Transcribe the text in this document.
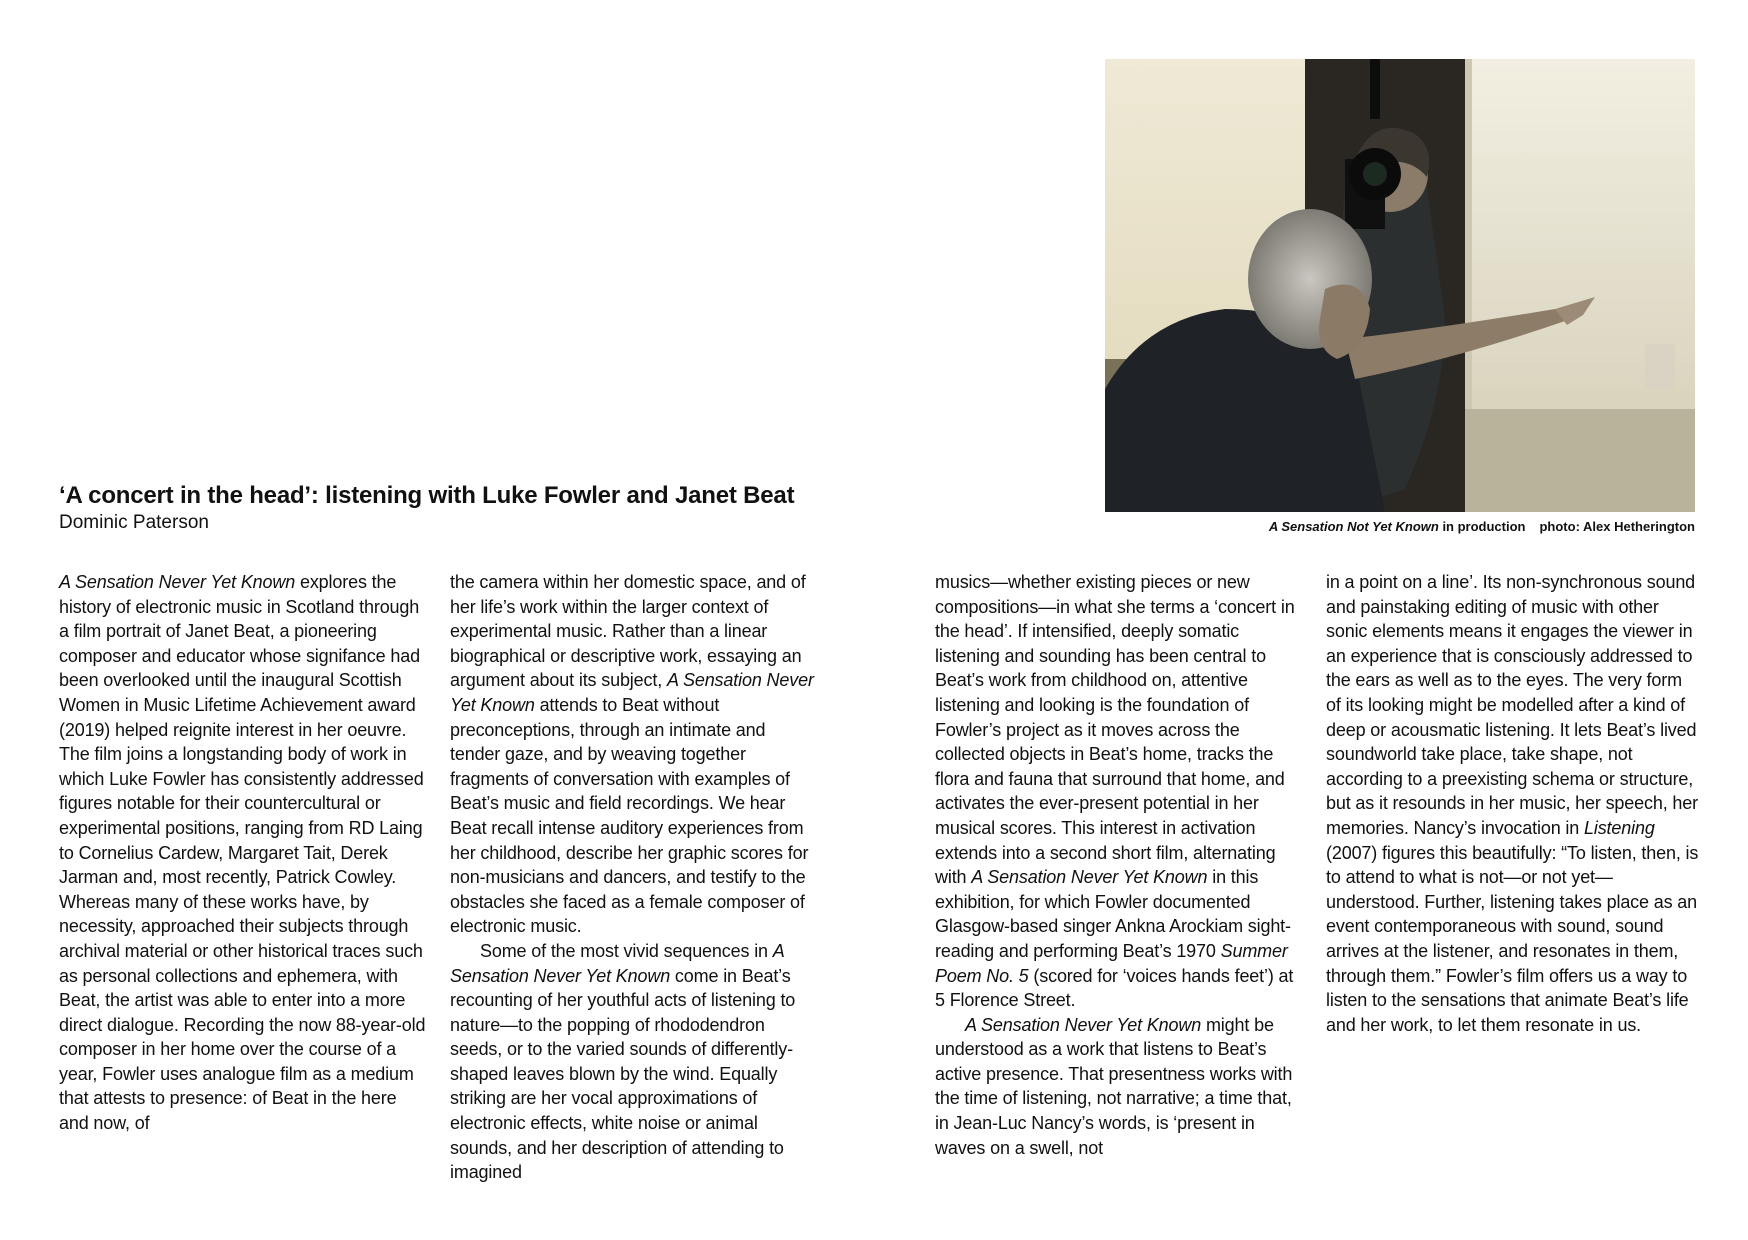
‘A concert in the head’: listening with Luke Fowler and Janet Beat
Dominic Paterson	A Sensation Not Yet Known in production photo: Alex Hetherington

A Sensation Never Yet Known explores the history of electronic music in Scotland through a film portrait of Janet Beat, a pioneering composer and educator whose signifance had been overlooked until the inaugural Scottish Women in Music Lifetime Achievement award (2019) helped reignite interest in her oeuvre. The film joins a longstanding body of work in which Luke Fowler has consistently addressed figures notable for their countercultural or experimental positions, ranging from RD Laing to Cornelius Cardew, Margaret Tait, Derek Jarman and, most recently, Patrick Cowley. Whereas many of these works have, by necessity, approached their subjects through archival material or other historical traces such as personal collections and ephemera, with Beat, the artist was able to enter into a more direct dialogue. Recording the now 88-year-old composer in her home over the course of a year, Fowler uses analogue film as a medium that attests to presence: of Beat in the here and now, of

the camera within her domestic space, and of her life’s work within the larger context of experimental music. Rather than a linear biographical or descriptive work, essaying an argument about its subject, A Sensation Never Yet Known attends to Beat without preconceptions, through an intimate and tender gaze, and by weaving together fragments of conversation with examples of Beat’s music and field recordings. We hear Beat recall intense auditory experiences from her childhood, describe her graphic scores for non-musicians and dancers, and testify to the obstacles she faced as a female composer of electronic music.

Some of the most vivid sequences in A Sensation Never Yet Known come in Beat’s recounting of her youthful acts of listening to nature—to the popping of rhododendron seeds, or to the varied sounds of differently-shaped leaves blown by the wind. Equally striking are her vocal approximations of electronic effects, white noise or animal sounds, and her description of attending to imagined

musics—whether existing pieces or new compositions—in what she terms a ‘concert in the head’. If intensified, deeply somatic listening and sounding has been central to Beat’s work from childhood on, attentive listening and looking is the foundation of Fowler’s project as it moves across the collected objects in Beat’s home, tracks the flora and fauna that surround that home, and activates the ever-present potential in her musical scores. This interest in activation extends into a second short film, alternating with A Sensation Never Yet Known in this exhibition, for which Fowler documented Glasgow-based singer Ankna Arockiam sight-reading and performing Beat’s 1970 Summer Poem No. 5 (scored for ‘voices hands feet’) at 5 Florence Street.

A Sensation Never Yet Known might be understood as a work that listens to Beat’s active presence. That presentness works with the time of listening, not narrative; a time that, in Jean-Luc Nancy’s words, is ‘present in waves on a swell, not

in a point on a line’. Its non-synchronous sound and painstaking editing of music with other sonic elements means it engages the viewer in an experience that is consciously addressed to the ears as well as to the eyes. The very form of its looking might be modelled after a kind of deep or acousmatic listening. It lets Beat’s lived soundworld take place, take shape, not according to a preexisting schema or structure, but as it resounds in her music, her speech, her memories. Nancy’s invocation in Listening (2007) figures this beautifully: “To listen, then, is to attend to what is not—or not yet—understood. Further, listening takes place as an event contemporaneous with sound, sound arrives at the listener, and resonates in them, through them.” Fowler’s film offers us a way to listen to the sensations that animate Beat’s life and her work, to let them resonate in us.
